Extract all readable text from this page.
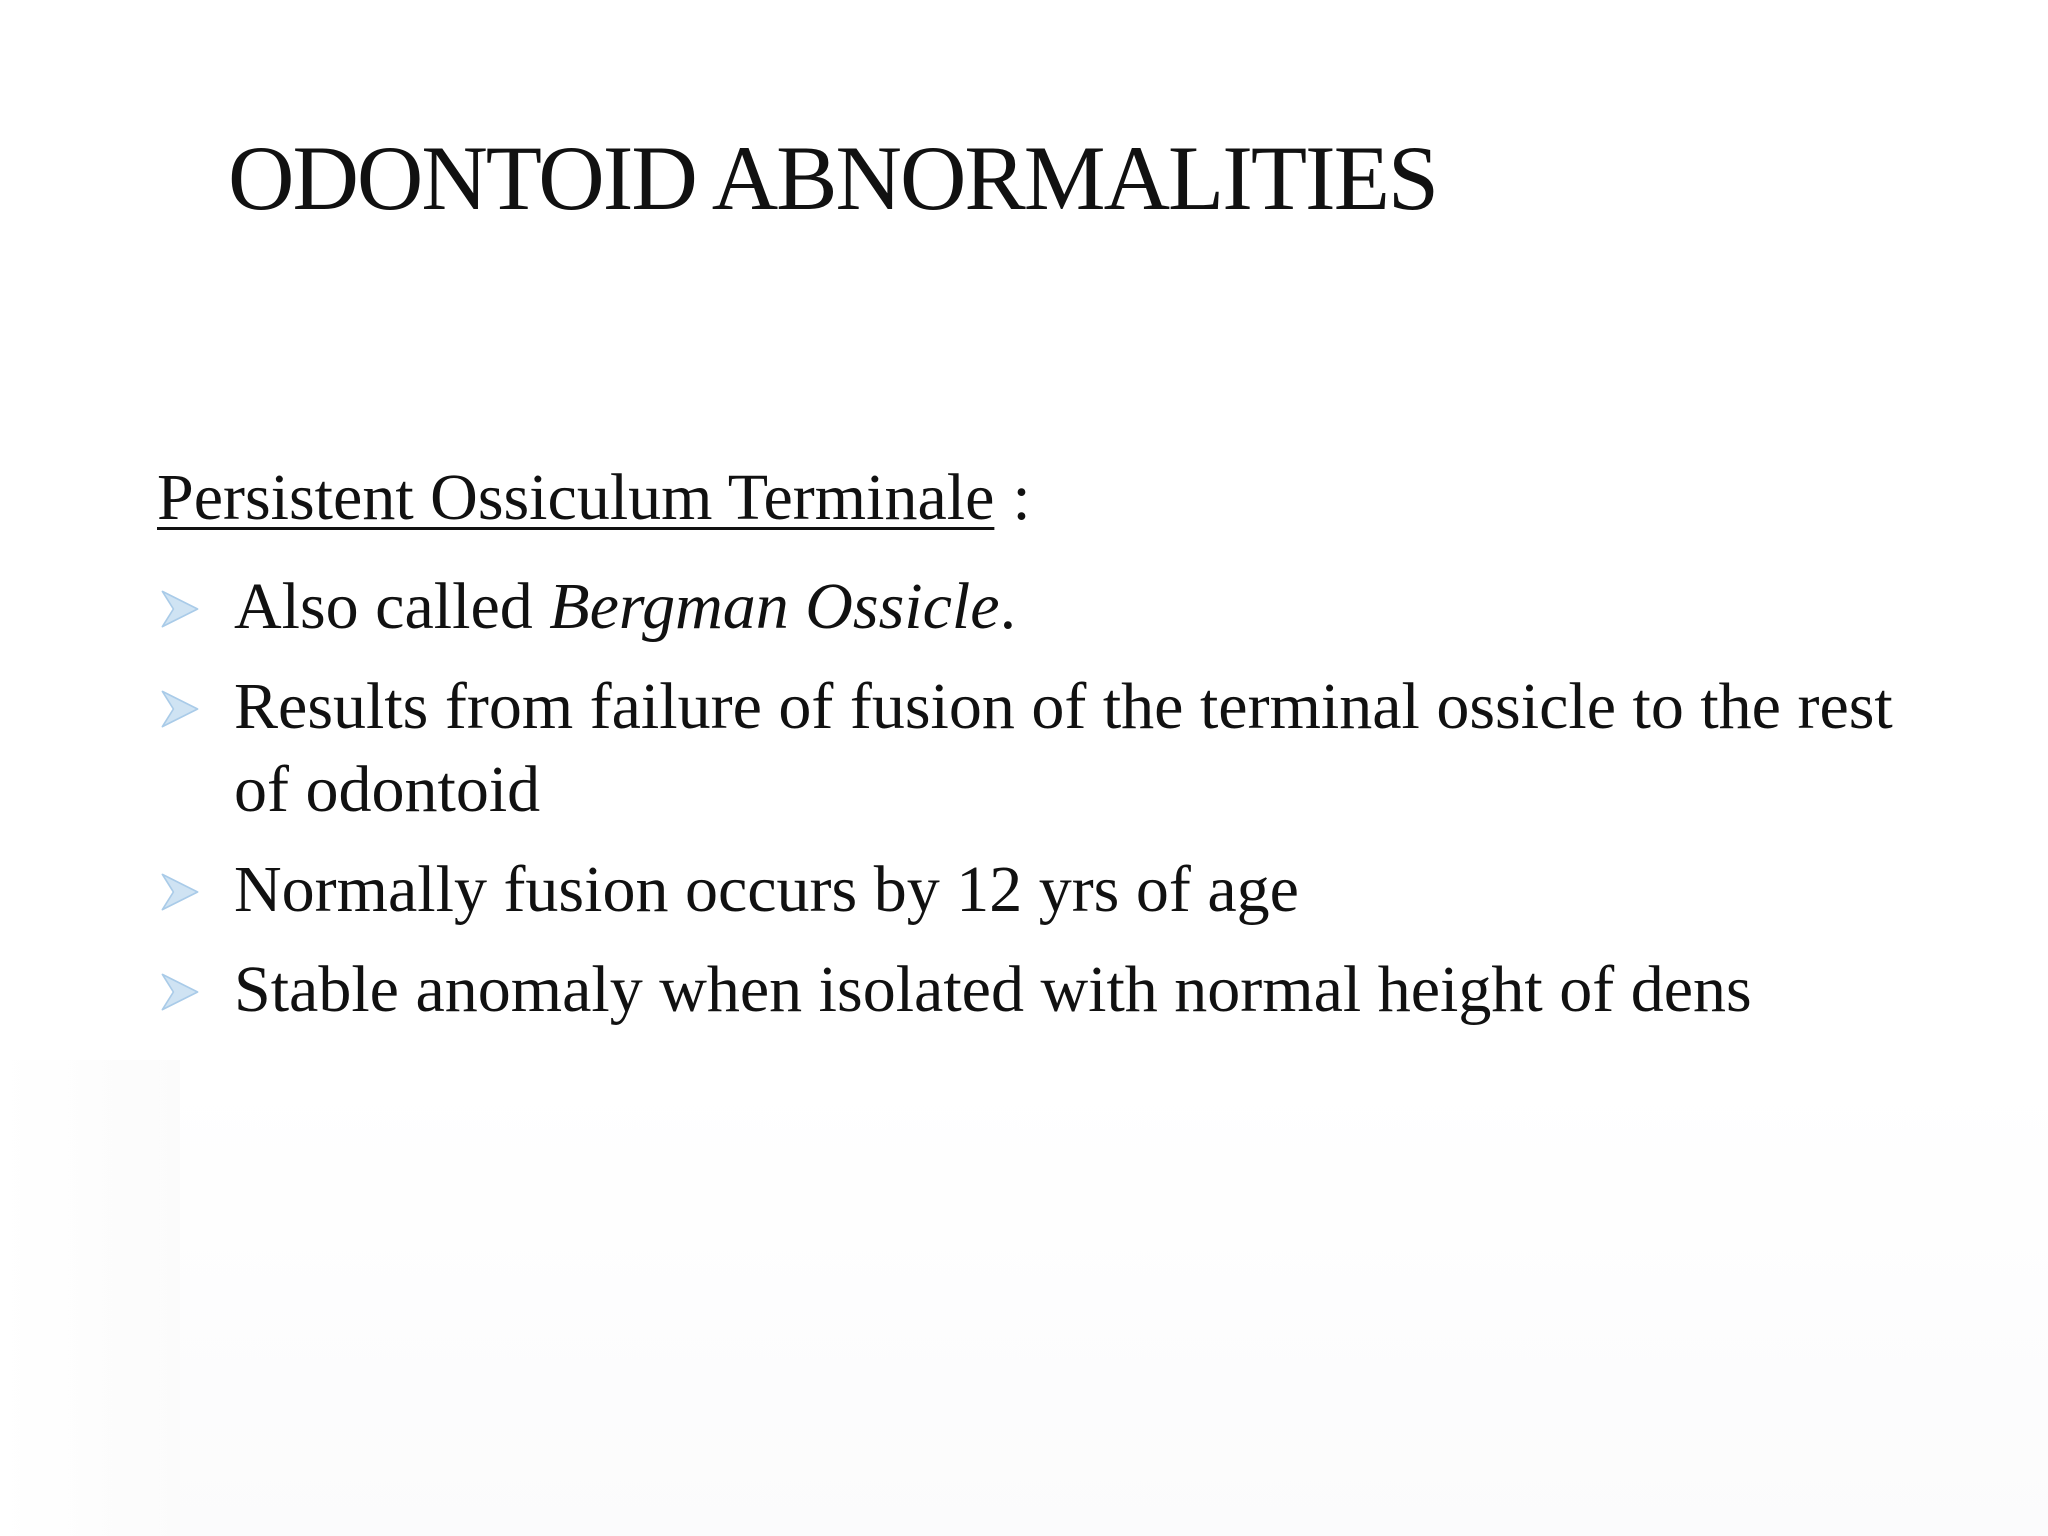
ODONTOID ABNORMALITIES
Persistent Ossiculum Terminale :
Also called Bergman Ossicle.
Results from failure of fusion of the terminal ossicle to the rest of odontoid
Normally fusion occurs by 12 yrs of age
Stable anomaly when isolated with normal height of dens
